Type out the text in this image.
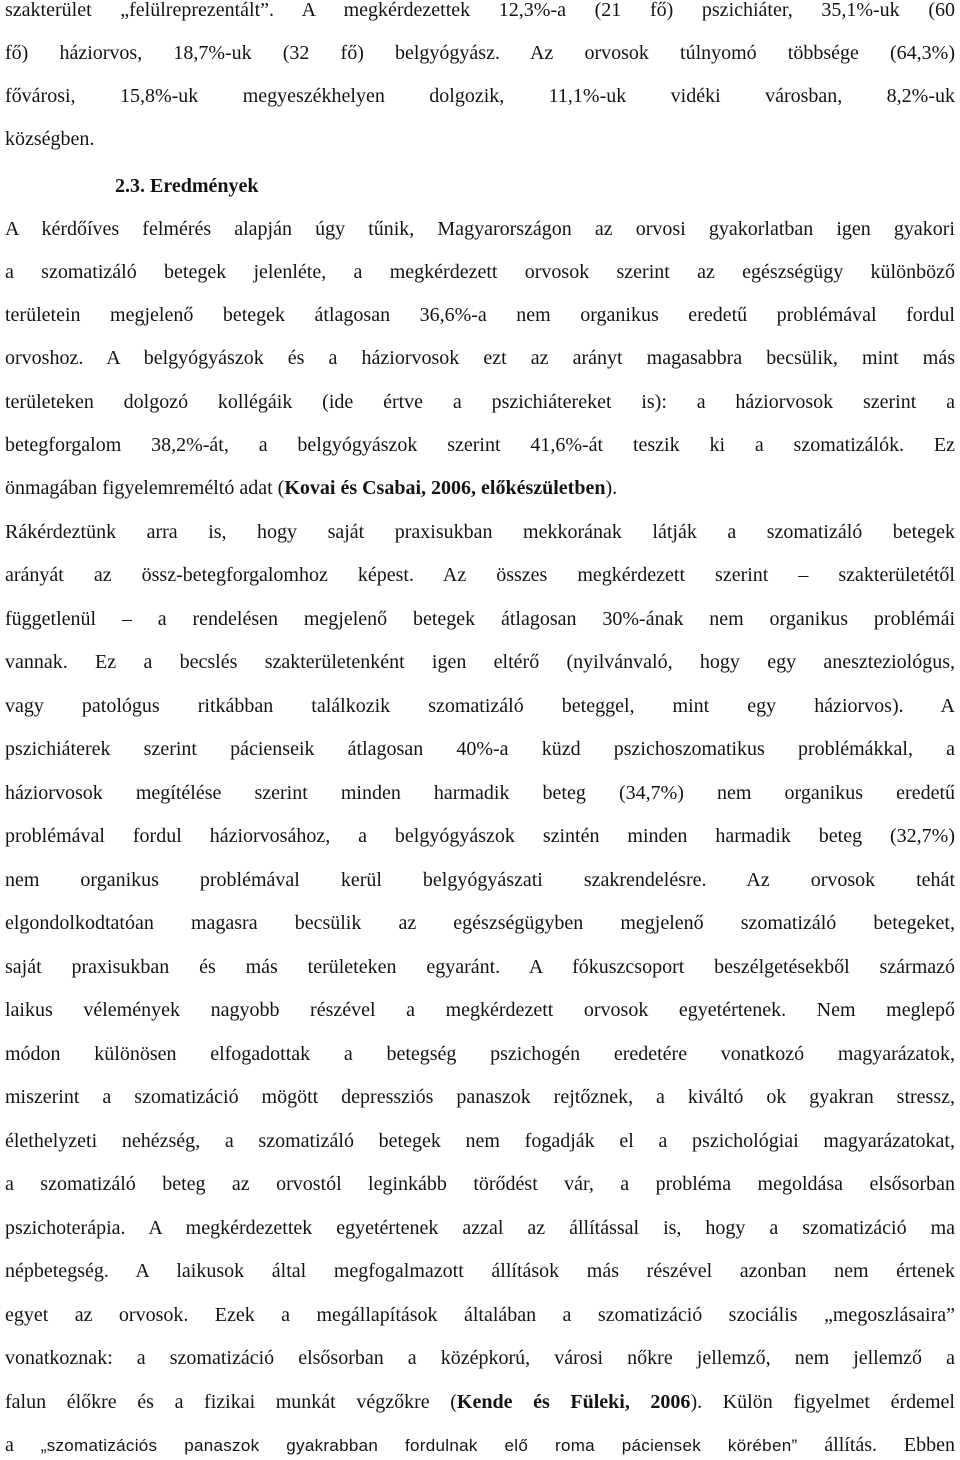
szakterület „felülreprezentált”. A megkérdezettek 12,3%-a (21 fő) pszichiáter, 35,1%-uk (60
fő) háziorvos, 18,7%-uk (32 fő) belgyógyász. Az orvosok túlnyomó többsége (64,3%)
fővárosi, 15,8%-uk megyeszékhelyen dolgozik, 11,1%-uk vidéki városban, 8,2%-uk
községben.
2.3. Eredmények
A kérdőíves felmérés alapján úgy tűnik, Magyarországon az orvosi gyakorlatban igen gyakori
a szomatizáló betegek jelenléte, a megkérdezett orvosok szerint az egészségügy különböző
területein megjelenő betegek átlagosan 36,6%-a nem organikus eredetű problémával fordul
orvoshoz. A belgyógyászok és a háziorvosok ezt az arányt magasabbra becsülik, mint más
területeken dolgozó kollégáik (ide értve a pszichiátereket is): a háziorvosok szerint a
betegforgalom 38,2%-át, a belgyógyászok szerint 41,6%-át teszik ki a szomatizálók. Ez
önmagában figyelemreméltó adat (Kovai és Csabai, 2006, előkészületben).
Rákérdeztünk arra is, hogy saját praxisukban mekkorának látják a szomatizáló betegek
arányát az össz-betegforgalomhoz képest. Az összes megkérdezett szerint – szakterületétől
függetlenül – a rendelésen megjelenő betegek átlagosan 30%-ának nem organikus problémái
vannak. Ez a becslés szakterületenként igen eltérő (nyilvánvaló, hogy egy aneszteziológus,
vagy patológus ritkábban találkozik szomatizáló beteggel, mint egy háziorvos). A
pszichiáterek szerint pácienseik átlagosan 40%-a küzd pszichoszomatikus problémákkal, a
háziorvosok megítélése szerint minden harmadik beteg (34,7%) nem organikus eredetű
problémával fordul háziorvosához, a belgyógyászok szintén minden harmadik beteg (32,7%)
nem organikus problémával kerül belgyógyászati szakrendelésre. Az orvosok tehát
elgondolkodtatóan magasra becsülik az egészségügyben megjelenő szomatizáló betegeket,
saját praxisukban és más területeken egyaránt. A fókuszcsoport beszélgetésekből származó
laikus vélemények nagyobb részével a megkérdezett orvosok egyetértenek. Nem meglepő
módon különösen elfogadottak a betegség pszichogén eredetére vonatkozó magyarázatok,
miszerint a szomatizáció mögött depressziós panaszok rejtőznek, a kiváltó ok gyakran stressz,
élethelyzeti nehézség, a szomatizáló betegek nem fogadják el a pszichológiai magyarázatokat,
a szomatizáló beteg az orvostól leginkább törődést vár, a probléma megoldása elsősorban
pszichoterápia. A megkérdezettek egyetértenek azzal az állítással is, hogy a szomatizáció ma
népbetegség. A laikusok által megfogalmazott állítások más részével azonban nem értenek
egyet az orvosok. Ezek a megállapítások általában a szomatizáció szociális „megoszlásaira”
vonatkoznak: a szomatizáció elsősorban a középkorú, városi nőkre jellemző, nem jellemző a
falun élőkre és a fizikai munkát végzőkre (Kende és Füleki, 2006). Külön figyelmet érdemel
a „szomatizációs panaszok gyakrabban fordulnak elő roma páciensek körében” állítás. Ebben
